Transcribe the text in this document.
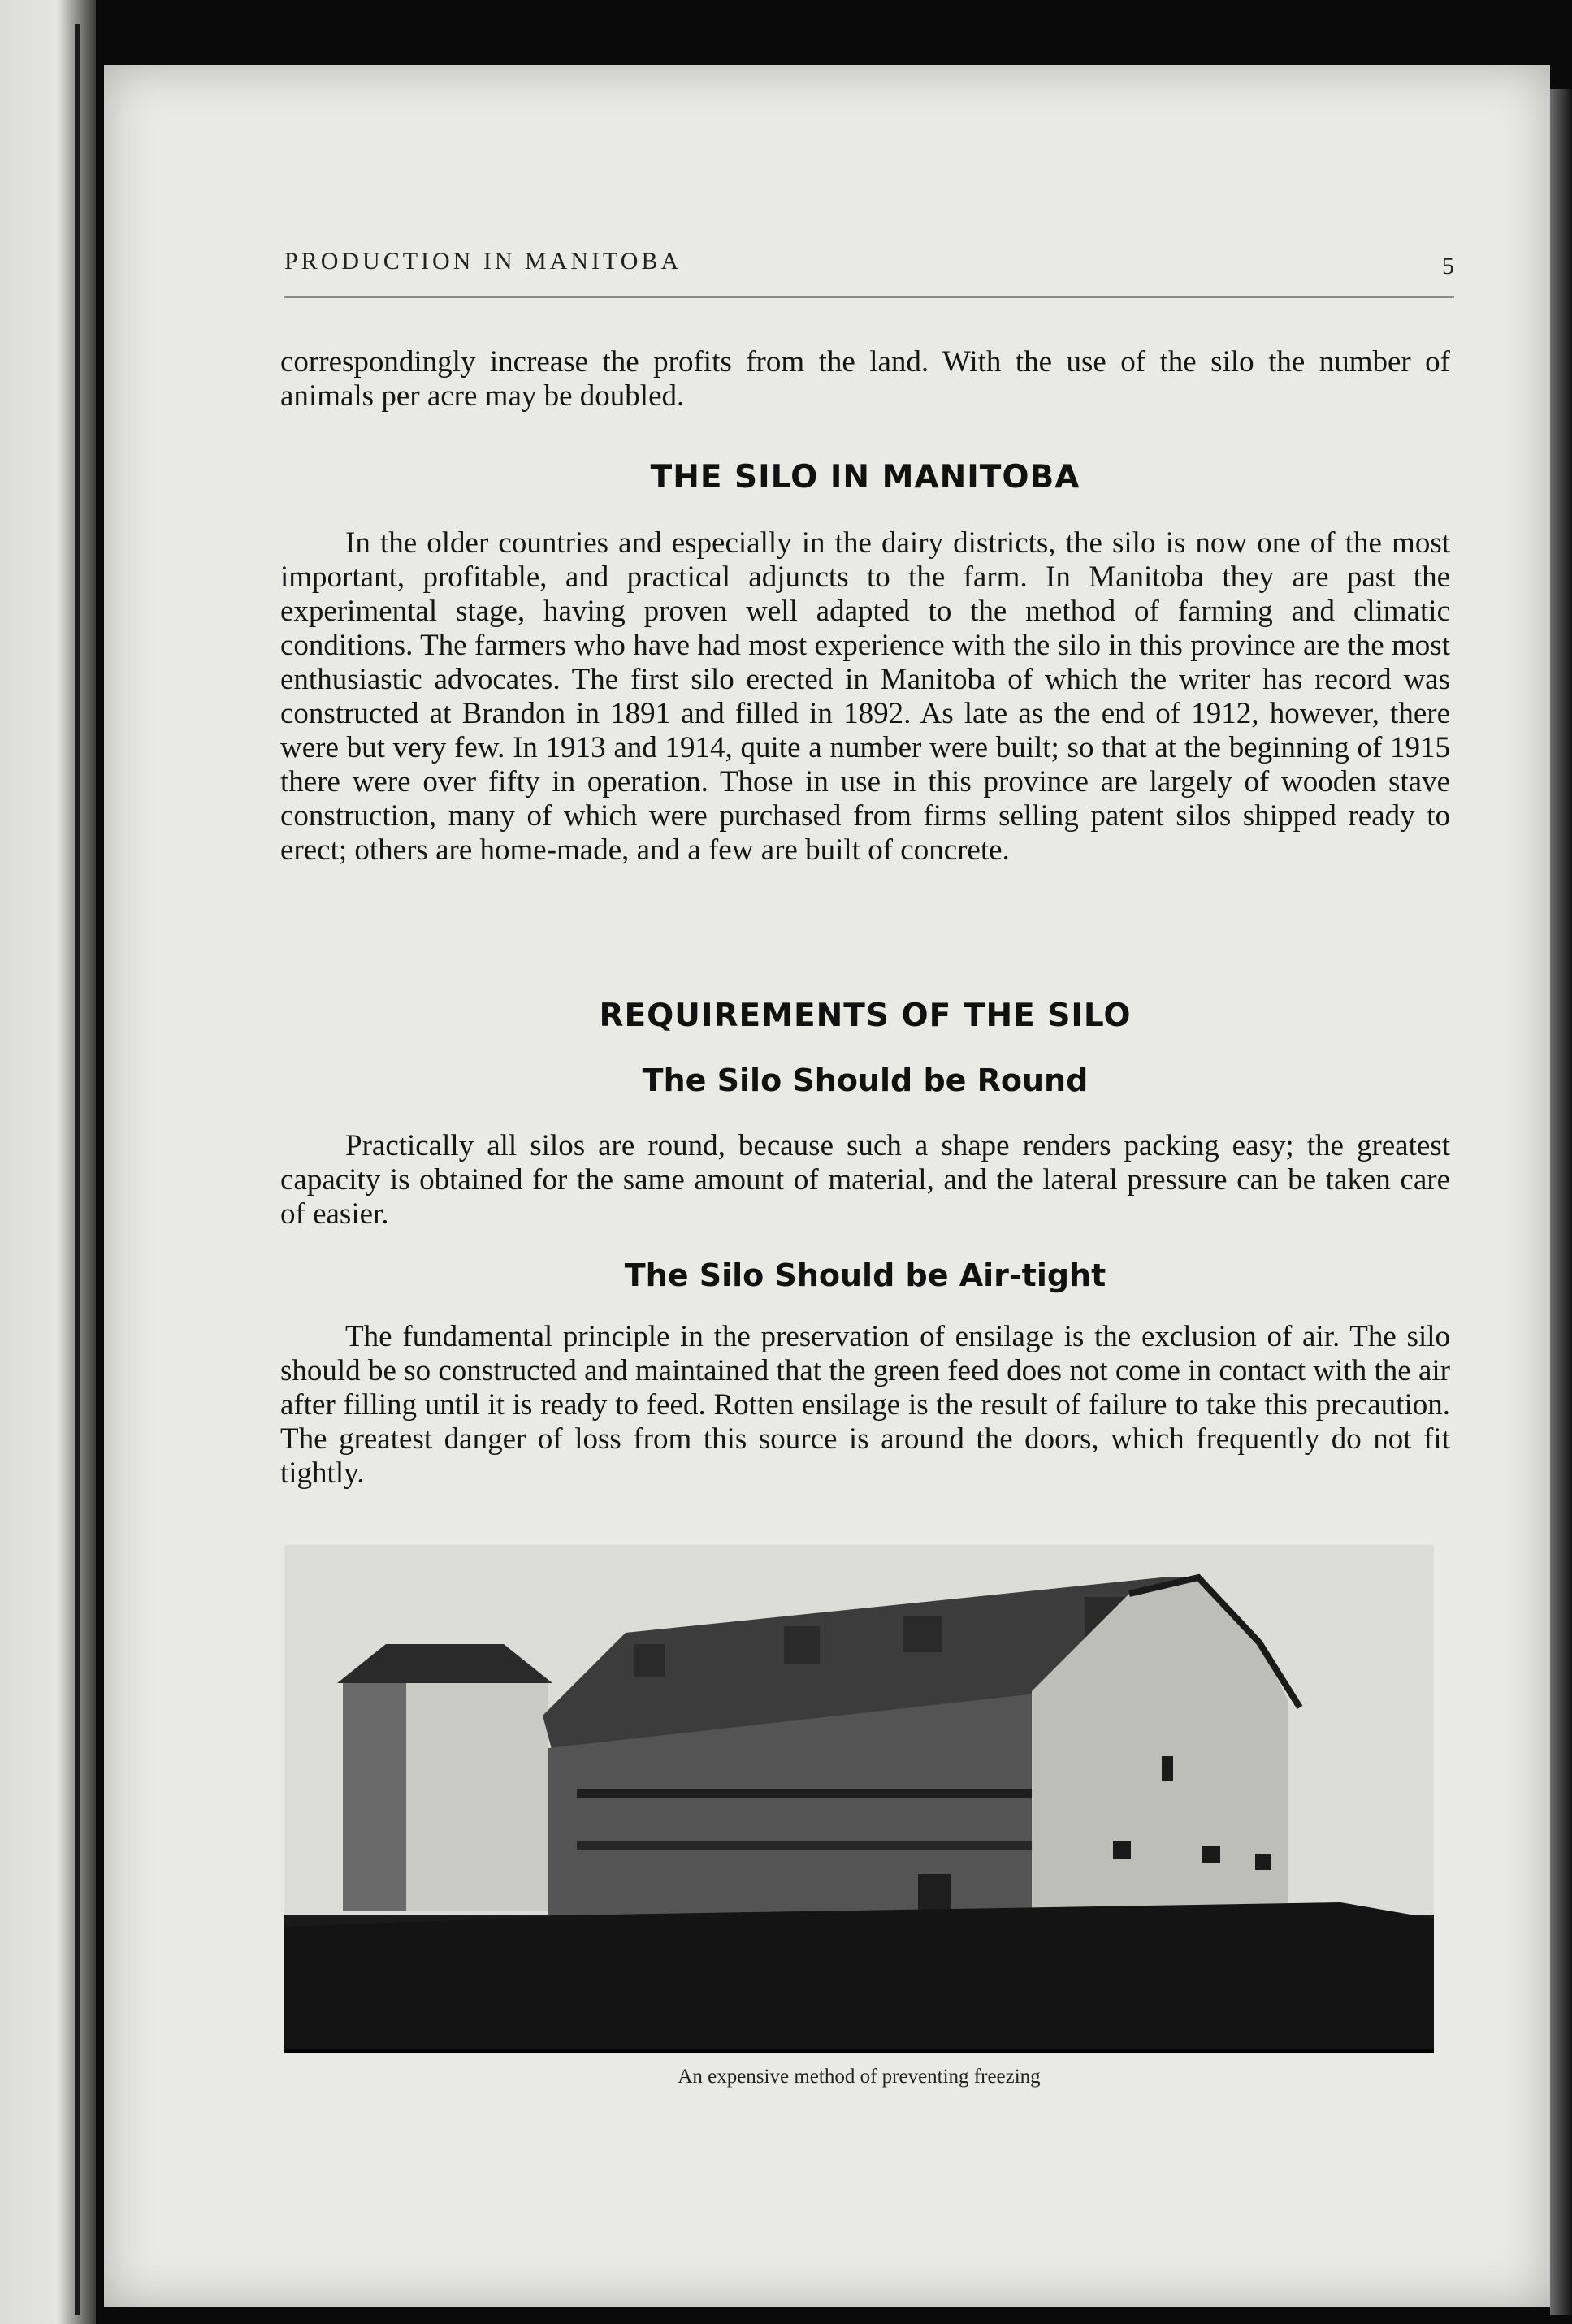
PRODUCTION IN MANITOBA	5

correspondingly increase the profits from the land. With the use of the silo the number of animals per acre may be doubled.

THE SILO IN MANITOBA

In the older countries and especially in the dairy districts, the silo is now one of the most important, profitable, and practical adjuncts to the farm. In Manitoba they are past the experimental stage, having proven well adapted to the method of farming and climatic conditions. The farmers who have had most experience with the silo in this province are the most enthusiastic advocates. The first silo erected in Manitoba of which the writer has record was constructed at Brandon in 1891 and filled in 1892. As late as the end of 1912, however, there were but very few. In 1913 and 1914, quite a number were built; so that at the beginning of 1915 there were over fifty in operation. Those in use in this province are largely of wooden stave construction, many of which were purchased from firms selling patent silos shipped ready to erect; others are home-made, and a few are built of concrete.

REQUIREMENTS OF THE SILO
The Silo Should be Round

Practically all silos are round, because such a shape renders packing easy; the greatest capacity is obtained for the same amount of material, and the lateral pressure can be taken care of easier.

The Silo Should be Air-tight

The fundamental principle in the preservation of ensilage is the exclusion of air. The silo should be so constructed and maintained that the green feed does not come in contact with the air after filling until it is ready to feed. Rotten ensilage is the result of failure to take this precaution. The greatest danger of loss from this source is around the doors, which frequently do not fit tightly.

An expensive method of preventing freezing
